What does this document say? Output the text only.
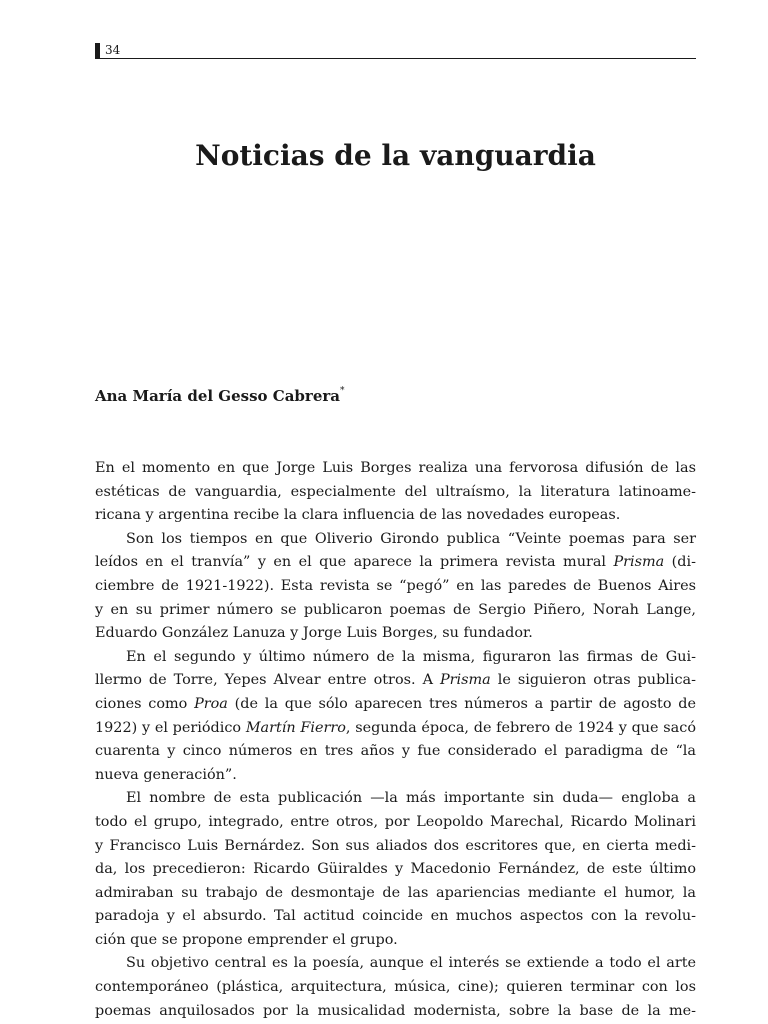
34
Noticias de la vanguardia

Ana María del Gesso Cabrera*

En el momento en que Jorge Luis Borges realiza una fervorosa difusión de las
estéticas de vanguardia, especialmente del ultraísmo, la literatura latinoame-
ricana y argentina recibe la clara influencia de las novedades europeas.
Son los tiempos en que Oliverio Girondo publica “Veinte poemas para ser
leídos en el tranvía” y en el que aparece la primera revista mural Prisma (di-
ciembre de 1921-1922). Esta revista se “pegó” en las paredes de Buenos Aires
y en su primer número se publicaron poemas de Sergio Piñero, Norah Lange,
Eduardo González Lanuza y Jorge Luis Borges, su fundador.
En el segundo y último número de la misma, figuraron las firmas de Gui-
llermo de Torre, Yepes Alvear entre otros. A Prisma le siguieron otras publica-
ciones como Proa (de la que sólo aparecen tres números a partir de agosto de
1922) y el periódico Martín Fierro, segunda época, de febrero de 1924 y que sacó
cuarenta y cinco números en tres años y fue considerado el paradigma de “la
nueva generación”.
El nombre de esta publicación —la más importante sin duda— engloba a
todo el grupo, integrado, entre otros, por Leopoldo Marechal, Ricardo Molinari
y Francisco Luis Bernárdez. Son sus aliados dos escritores que, en cierta medi-
da, los precedieron: Ricardo Güiraldes y Macedonio Fernández, de este último
admiraban su trabajo de desmontaje de las apariencias mediante el humor, la
paradoja y el absurdo. Tal actitud coincide en muchos aspectos con la revolu-
ción que se propone emprender el grupo.
Su objetivo central es la poesía, aunque el interés se extiende a todo el arte
contemporáneo (plástica, arquitectura, música, cine); quieren terminar con los
poemas anquilosados por la musicalidad modernista, sobre la base de la me-
